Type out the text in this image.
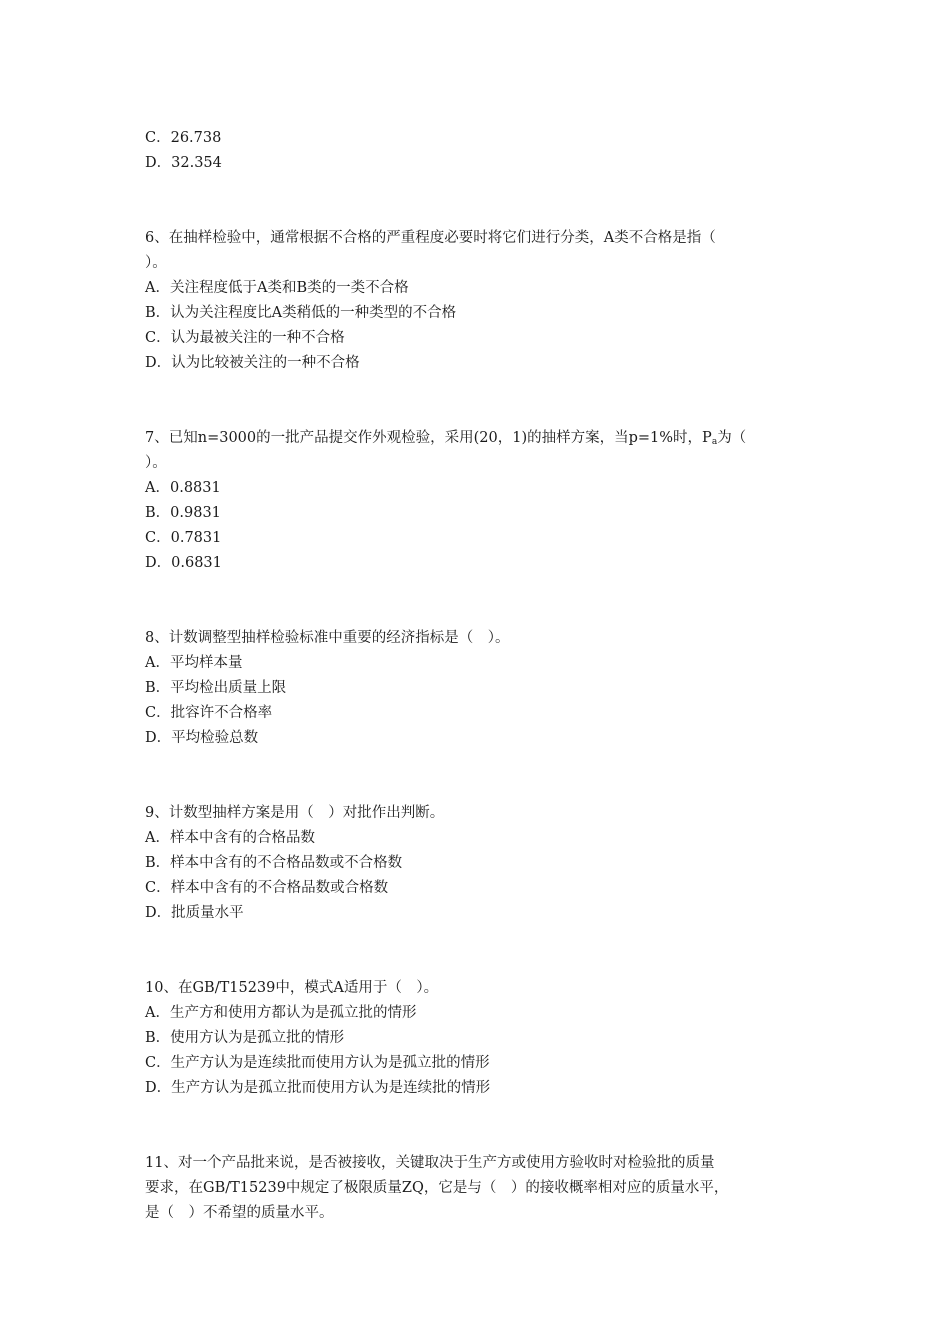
C．26.738
D．32.354
6、在抽样检验中，通常根据不合格的严重程度必要时将它们进行分类，A类不合格是指（
）。
A．关注程度低于A类和B类的一类不合格
B．认为关注程度比A类稍低的一种类型的不合格
C．认为最被关注的一种不合格
D．认为比较被关注的一种不合格
7、已知n=3000的一批产品提交作外观检验，采用(20，1)的抽样方案，当p=1%时，$P_a$为（
）。
A．0.8831
B．0.9831
C．0.7831
D．0.6831
8、计数调整型抽样检验标准中重要的经济指标是（　）。
A．平均样本量
B．平均检出质量上限
C．批容许不合格率
D．平均检验总数
9、计数型抽样方案是用（　）对批作出判断。
A．样本中含有的合格品数
B．样本中含有的不合格品数或不合格数
C．样本中含有的不合格品数或合格数
D．批质量水平
10、在GB/T15239中，模式A适用于（　）。
A．生产方和使用方都认为是孤立批的情形
B．使用方认为是孤立批的情形
C．生产方认为是连续批而使用方认为是孤立批的情形
D．生产方认为是孤立批而使用方认为是连续批的情形
11、对一个产品批来说，是否被接收，关键取决于生产方或使用方验收时对检验批的质量
要求，在GB/T15239中规定了极限质量ZQ，它是与（　）的接收概率相对应的质量水平，
是（　）不希望的质量水平。
